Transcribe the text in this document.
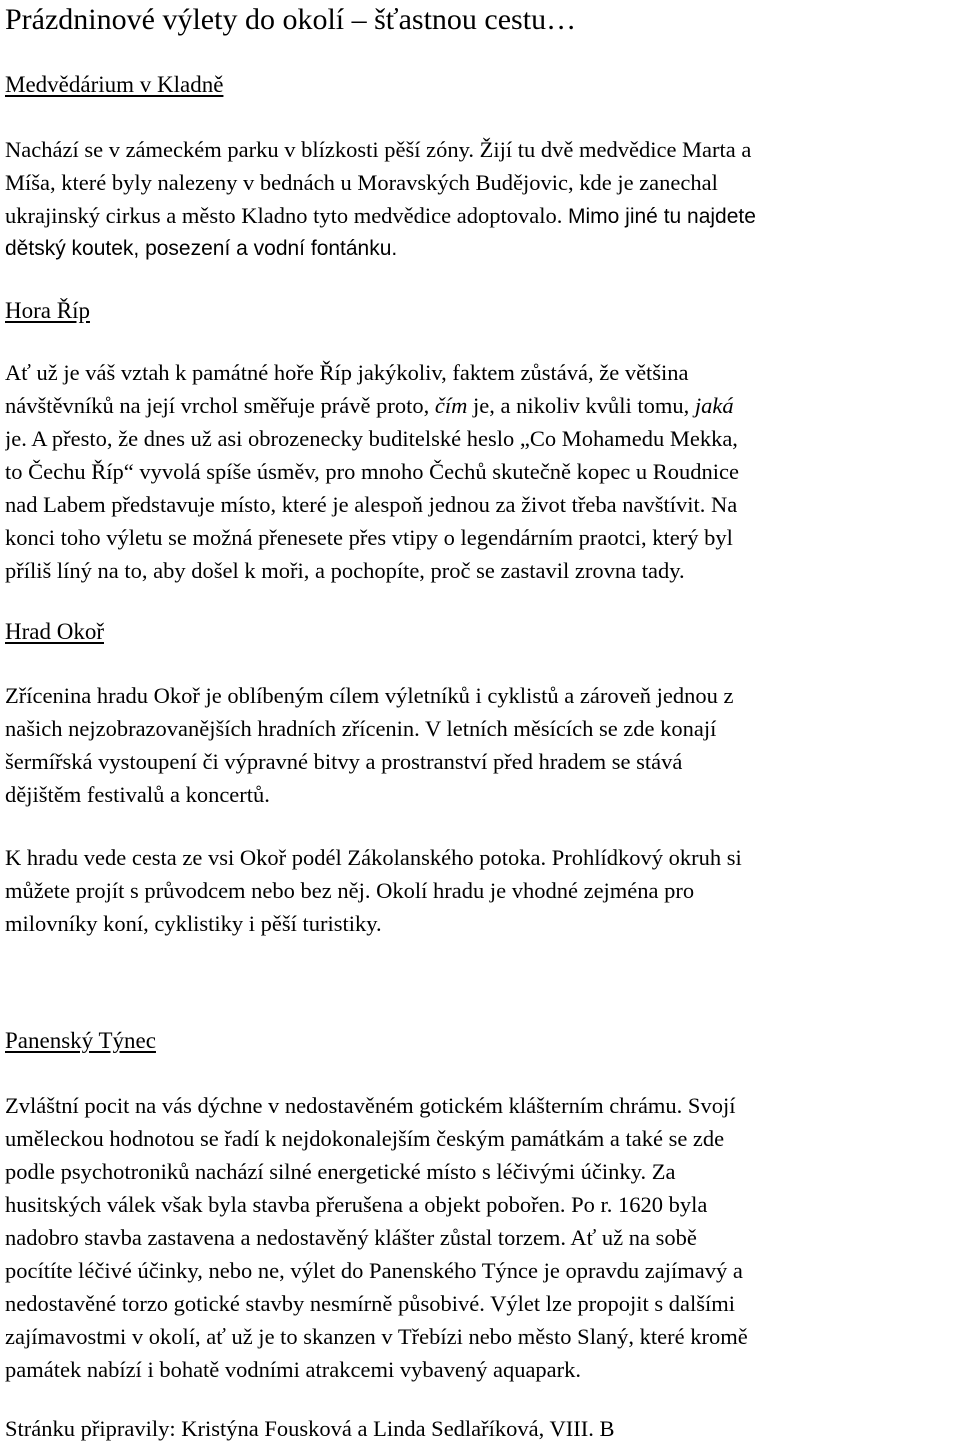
Prázdninové výlety do okolí – šťastnou cestu…
Medvědárium v Kladně
Nachází se v zámeckém parku v blízkosti pěší zóny. Žijí tu dvě medvědice Marta a
Míša, které byly nalezeny v bednách u Moravských Budějovic, kde je zanechal
ukrajinský cirkus a město Kladno tyto medvědice adoptovalo. Mimo jiné tu najdete
dětský koutek, posezení a vodní fontánku.
Hora Říp
Ať už je váš vztah k památné hoře Říp jakýkoliv, faktem zůstává, že většina
návštěvníků na její vrchol směřuje právě proto, čím je, a nikoliv kvůli tomu, jaká
je. A přesto, že dnes už asi obrozenecky buditelské heslo „Co Mohamedu Mekka,
to Čechu Říp“ vyvolá spíše úsměv, pro mnoho Čechů skutečně kopec u Roudnice
nad Labem představuje místo, které je alespoň jednou za život třeba navštívit. Na
konci toho výletu se možná přenesete přes vtipy o legendárním praotci, který byl
příliš líný na to, aby došel k moři, a pochopíte, proč se zastavil zrovna tady.
Hrad Okoř
Zřícenina hradu Okoř je oblíbeným cílem výletníků i cyklistů a zároveň jednou z
našich nejzobrazovanějších hradních zřícenin. V letních měsících se zde konají
šermířská vystoupení či výpravné bitvy a prostranství před hradem se stává
dějištěm festivalů a koncertů.
K hradu vede cesta ze vsi Okoř podél Zákolanského potoka. Prohlídkový okruh si
můžete projít s průvodcem nebo bez něj. Okolí hradu je vhodné zejména pro
milovníky koní, cyklistiky i pěší turistiky.
Panenský Týnec
Zvláštní pocit na vás dýchne v nedostavěném gotickém klášterním chrámu. Svojí
uměleckou hodnotou se řadí k nejdokonalejším českým památkám a také se zde
podle psychotroniků nachází silné energetické místo s léčivými účinky. Za
husitských válek však byla stavba přerušena a objekt pobořen. Po r. 1620 byla
nadobro stavba zastavena a nedostavěný klášter zůstal torzem. Ať už na sobě
pocítíte léčivé účinky, nebo ne, výlet do Panenského Týnce je opravdu zajímavý a
nedostavěné torzo gotické stavby nesmírně působivé. Výlet lze propojit s dalšími
zajímavostmi v okolí, ať už je to skanzen v Třebízi nebo město Slaný, které kromě
památek nabízí i bohatě vodními atrakcemi vybavený aquapark.
Stránku připravily: Kristýna Fousková a Linda Sedlaříková, VIII. B
